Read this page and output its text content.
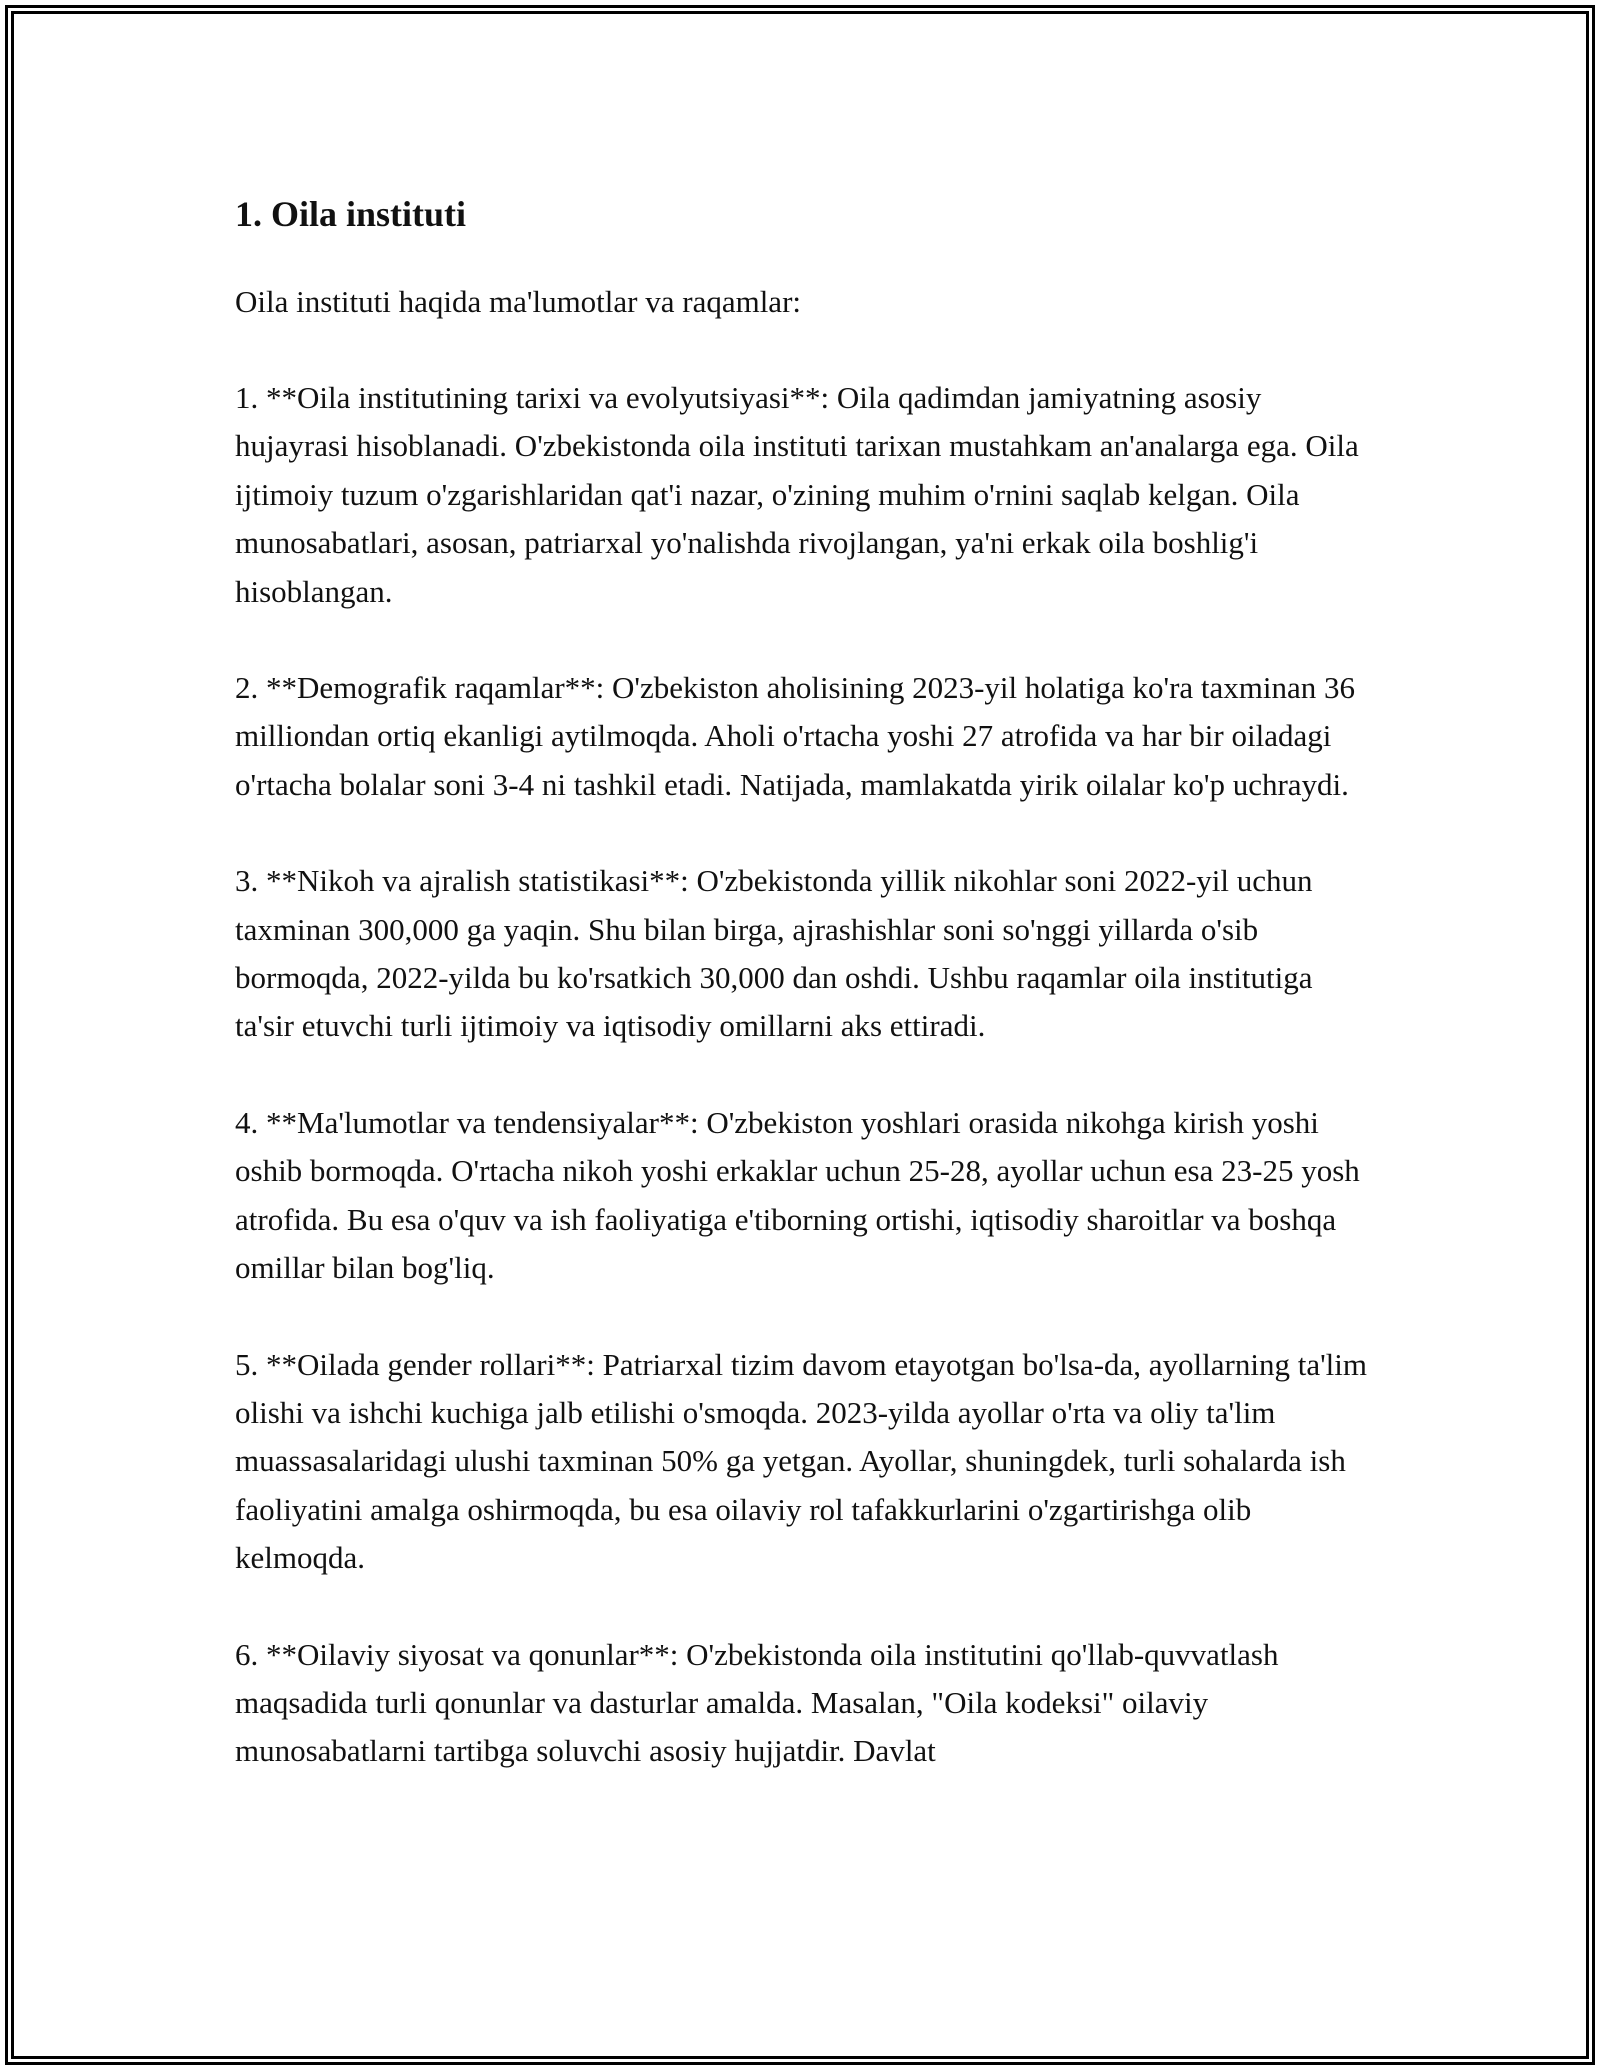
1. Oila instituti

Oila instituti haqida ma'lumotlar va raqamlar:

1. **Oila institutining tarixi va evolyutsiyasi**: Oila qadimdan jamiyatning asosiy hujayrasi hisoblanadi. O'zbekistonda oila instituti tarixan mustahkam an'analarga ega. Oila ijtimoiy tuzum o'zgarishlaridan qat'i nazar, o'zining muhim o'rnini saqlab kelgan. Oila munosabatlari, asosan, patriarxal yo'nalishda rivojlangan, ya'ni erkak oila boshlig'i hisoblangan.

2. **Demografik raqamlar**: O'zbekiston aholisining 2023-yil holatiga ko'ra taxminan 36 milliondan ortiq ekanligi aytilmoqda. Aholi o'rtacha yoshi 27 atrofida va har bir oiladagi o'rtacha bolalar soni 3-4 ni tashkil etadi. Natijada, mamlakatda yirik oilalar ko'p uchraydi.

3. **Nikoh va ajralish statistikasi**: O'zbekistonda yillik nikohlar soni 2022-yil uchun taxminan 300,000 ga yaqin. Shu bilan birga, ajrashishlar soni so'nggi yillarda o'sib bormoqda, 2022-yilda bu ko'rsatkich 30,000 dan oshdi. Ushbu raqamlar oila institutiga ta'sir etuvchi turli ijtimoiy va iqtisodiy omillarni aks ettiradi.

4. **Ma'lumotlar va tendensiyalar**: O'zbekiston yoshlari orasida nikohga kirish yoshi oshib bormoqda. O'rtacha nikoh yoshi erkaklar uchun 25-28, ayollar uchun esa 23-25 yosh atrofida. Bu esa o'quv va ish faoliyatiga e'tiborning ortishi, iqtisodiy sharoitlar va boshqa omillar bilan bog'liq.

5. **Oilada gender rollari**: Patriarxal tizim davom etayotgan bo'lsa-da, ayollarning ta'lim olishi va ishchi kuchiga jalb etilishi o'smoqda. 2023-yilda ayollar o'rta va oliy ta'lim muassasalaridagi ulushi taxminan 50% ga yetgan. Ayollar, shuningdek, turli sohalarda ish faoliyatini amalga oshirmoqda, bu esa oilaviy rol tafakkurlarini o'zgartirishga olib kelmoqda.

6. **Oilaviy siyosat va qonunlar**: O'zbekistonda oila institutini qo'llab-quvvatlash maqsadida turli qonunlar va dasturlar amalda. Masalan, "Oila kodeksi" oilaviy munosabatlarni tartibga soluvchi asosiy hujjatdir. Davlat
